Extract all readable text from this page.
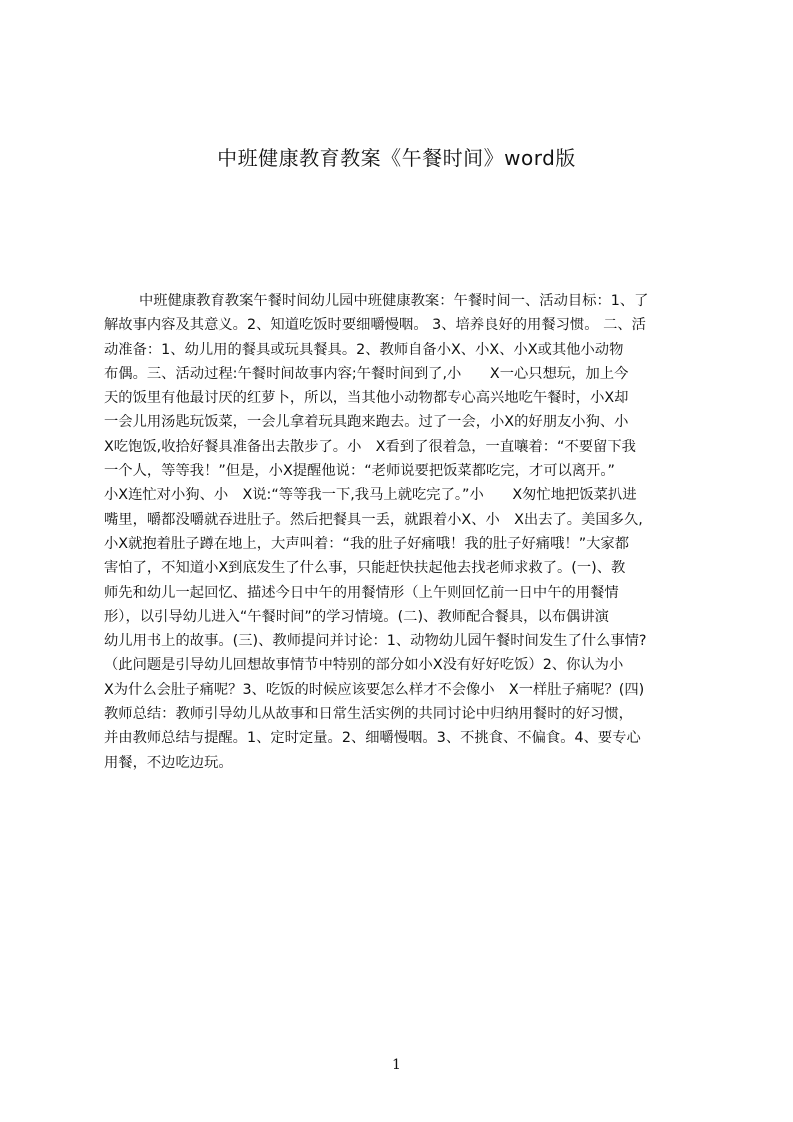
中班健康教育教案《午餐时间》word版
中班健康教育教案午餐时间幼儿园中班健康教案：午餐时间一、活动目标：1、了
解故事内容及其意义。2、知道吃饭时要细嚼慢咽。 3、培养良好的用餐习惯。 二、活
动准备：1、幼儿用的餐具或玩具餐具。2、教师自备小X、小X、小X或其他小动物
布偶。三、活动过程:午餐时间故事内容;午餐时间到了,小　　X一心只想玩，加上今
天的饭里有他最讨厌的红萝卜，所以，当其他小动物都专心高兴地吃午餐时，小X却
一会儿用汤匙玩饭菜，一会儿拿着玩具跑来跑去。过了一会，小X的好朋友小狗、小
X吃饱饭,收拾好餐具准备出去散步了。小　X看到了很着急，一直嚷着：“不要留下我
一个人，等等我！”但是，小X提醒他说：“老师说要把饭菜都吃完，才可以离开。”
小X连忙对小狗、小　X说:“等等我一下,我马上就吃完了。”小　　X匆忙地把饭菜扒进
嘴里，嚼都没嚼就吞进肚子。然后把餐具一丢，就跟着小X、小　X出去了。美国多久,
小X就抱着肚子蹲在地上，大声叫着：“我的肚子好痛哦！我的肚子好痛哦！”大家都
害怕了，不知道小X到底发生了什么事，只能赶快扶起他去找老师求救了。(一)、教
师先和幼儿一起回忆、描述今日中午的用餐情形（上午则回忆前一日中午的用餐情
形），以引导幼儿进入“午餐时间”的学习情境。(二)、教师配合餐具，以布偶讲演
幼儿用书上的故事。(三)、教师提问并讨论：1、动物幼儿园午餐时间发生了什么事情?
（此问题是引导幼儿回想故事情节中特别的部分如小X没有好好吃饭）2、你认为小
X为什么会肚子痛呢？3、吃饭的时候应该要怎么样才不会像小　X一样肚子痛呢？(四)
教师总结：教师引导幼儿从故事和日常生活实例的共同讨论中归纳用餐时的好习惯，
并由教师总结与提醒。1、定时定量。2、细嚼慢咽。3、不挑食、不偏食。4、要专心
用餐，不边吃边玩。
1
